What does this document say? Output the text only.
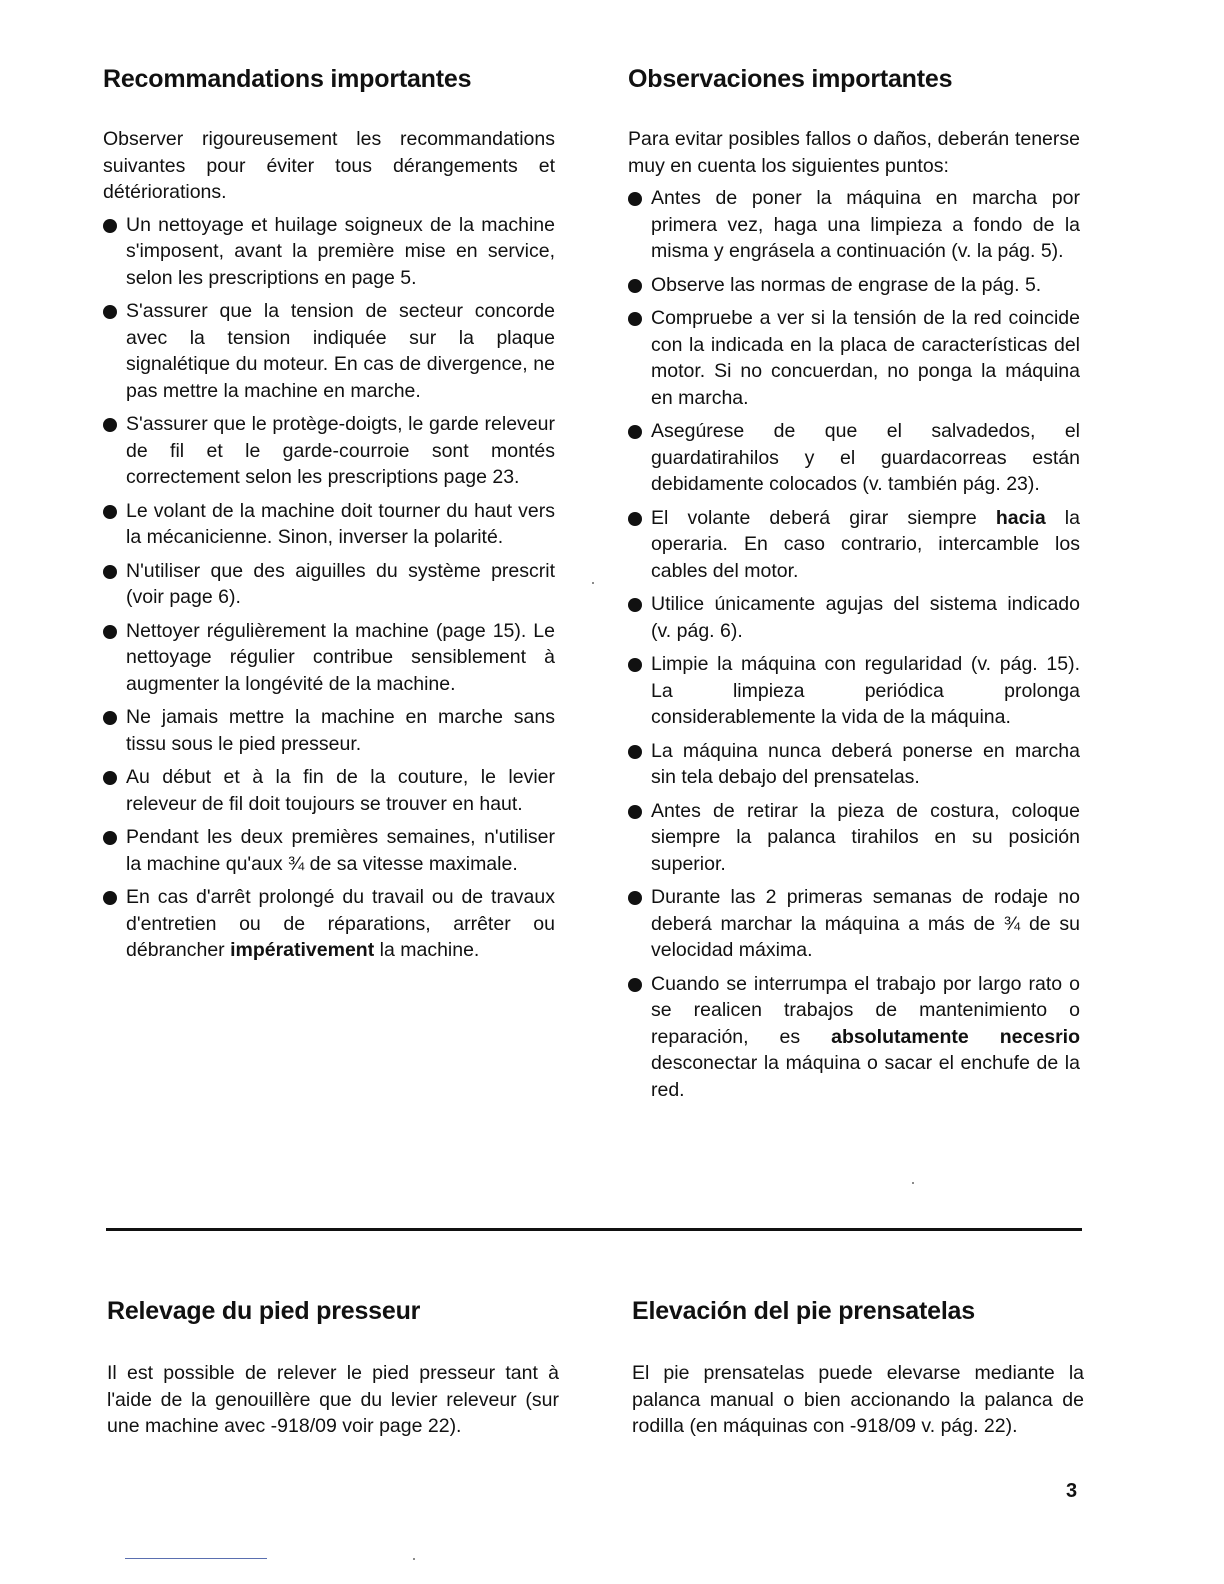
Recommandations importantes

Observer rigoureusement les recommandations suivantes pour éviter tous dérangements et détériorations.

Un nettoyage et huilage soigneux de la machine s'imposent, avant la première mise en service, selon les prescriptions en page 5.
S'assurer que la tension de secteur concorde avec la tension indiquée sur la plaque signalétique du moteur. En cas de divergence, ne pas mettre la machine en marche.
S'assurer que le protège-doigts, le garde releveur de fil et le garde-courroie sont montés correctement selon les prescriptions page 23.
Le volant de la machine doit tourner du haut vers la mécanicienne. Sinon, inverser la polarité.
N'utiliser que des aiguilles du système prescrit (voir page 6).
Nettoyer régulièrement la machine (page 15). Le nettoyage régulier contribue sensiblement à augmenter la longévité de la machine.
Ne jamais mettre la machine en marche sans tissu sous le pied presseur.
Au début et à la fin de la couture, le levier releveur de fil doit toujours se trouver en haut.
Pendant les deux premières semaines, n'utiliser la machine qu'aux ¾ de sa vitesse maximale.
En cas d'arrêt prolongé du travail ou de travaux d'entretien ou de réparations, arrêter ou débrancher impérativement la machine.
Observaciones importantes

Para evitar posibles fallos o daños, deberán tenerse muy en cuenta los siguientes puntos:

Antes de poner la máquina en marcha por primera vez, haga una limpieza a fondo de la misma y engrásela a continuación (v. la pág. 5).
Observe las normas de engrase de la pág. 5.
Compruebe a ver si la tensión de la red coincide con la indicada en la placa de características del motor. Si no concuerdan, no ponga la máquina en marcha.
Asegúrese de que el salvadedos, el guardatirahilos y el guardacorreas están debidamente colocados (v. también pág. 23).
El volante deberá girar siempre hacia la operaria. En caso contrario, intercamble los cables del motor.
Utilice únicamente agujas del sistema indicado (v. pág. 6).
Limpie la máquina con regularidad (v. pág. 15). La limpieza periódica prolonga considerablemente la vida de la máquina.
La máquina nunca deberá ponerse en marcha sin tela debajo del prensatelas.
Antes de retirar la pieza de costura, coloque siempre la palanca tirahilos en su posición superior.
Durante las 2 primeras semanas de rodaje no deberá marchar la máquina a más de ¾ de su velocidad máxima.
Cuando se interrumpa el trabajo por largo rato o se realicen trabajos de mantenimiento o reparación, es absolutamente necesrio desconectar la máquina o sacar el enchufe de la red.
Relevage du pied presseur

Il est possible de relever le pied presseur tant à l'aide de la genouillère que du levier releveur (sur une machine avec -918/09 voir page 22).

Elevación del pie prensatelas

El pie prensatelas puede elevarse mediante la palanca manual o bien accionando la palanca de rodilla (en máquinas con -918/09 v. pág. 22).

3
